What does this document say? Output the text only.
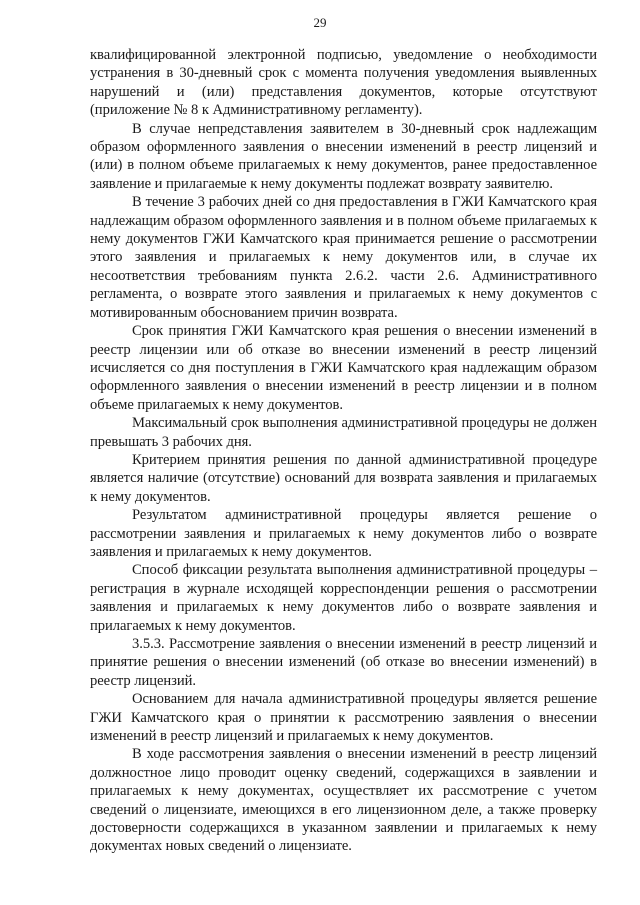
29

квалифицированной электронной подписью, уведомление о необходимости устранения в 30-дневный срок с момента получения уведомления выявленных нарушений и (или) представления документов, которые отсутствуют (приложение № 8 к Административному регламенту).

В случае непредставления заявителем в 30-дневный срок надлежащим образом оформленного заявления о внесении изменений в реестр лицензий и (или) в полном объеме прилагаемых к нему документов, ранее предоставленное заявление и прилагаемые к нему документы подлежат возврату заявителю.

В течение 3 рабочих дней со дня предоставления в ГЖИ Камчатского края надлежащим образом оформленного заявления и в полном объеме прилагаемых к нему документов ГЖИ Камчатского края принимается решение о рассмотрении этого заявления и прилагаемых к нему документов или, в случае их несоответствия требованиям пункта 2.6.2. части 2.6. Административного регламента, о возврате этого заявления и прилагаемых к нему документов с мотивированным обоснованием причин возврата.

Срок принятия ГЖИ Камчатского края решения о внесении изменений в реестр лицензии или об отказе во внесении изменений в реестр лицензий исчисляется со дня поступления в ГЖИ Камчатского края надлежащим образом оформленного заявления о внесении изменений в реестр лицензии и в полном объеме прилагаемых к нему документов.

Максимальный срок выполнения административной процедуры не должен превышать 3 рабочих дня.

Критерием принятия решения по данной административной процедуре является наличие (отсутствие) оснований для возврата заявления и прилагаемых к нему документов.

Результатом административной процедуры является решение о рассмотрении заявления и прилагаемых к нему документов либо о возврате заявления и прилагаемых к нему документов.

Способ фиксации результата выполнения административной процедуры – регистрация в журнале исходящей корреспонденции решения о рассмотрении заявления и прилагаемых к нему документов либо о возврате заявления и прилагаемых к нему документов.

3.5.3. Рассмотрение заявления о внесении изменений в реестр лицензий и принятие решения о внесении изменений (об отказе во внесении изменений) в реестр лицензий.

Основанием для начала административной процедуры является решение ГЖИ Камчатского края о принятии к рассмотрению заявления о внесении изменений в реестр лицензий и прилагаемых к нему документов.

В ходе рассмотрения заявления о внесении изменений в реестр лицензий должностное лицо проводит оценку сведений, содержащихся в заявлении и прилагаемых к нему документах, осуществляет их рассмотрение с учетом сведений о лицензиате, имеющихся в его лицензионном деле, а также проверку достоверности содержащихся в указанном заявлении и прилагаемых к нему документах новых сведений о лицензиате.
